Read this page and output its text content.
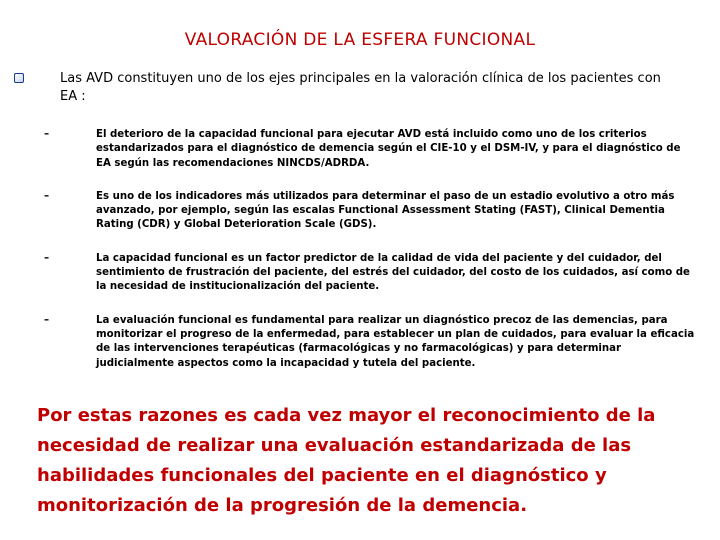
VALORACIÓN DE LA ESFERA FUNCIONAL
Las AVD constituyen uno de los ejes principales en la valoración clínica de los pacientes con EA :
–	El deterioro de la capacidad funcional para ejecutar AVD está incluido como uno de los criterios estandarizados para el diagnóstico de demencia según el CIE-10 y el DSM-IV, y para el diagnóstico de EA según las recomendaciones NINCDS/ADRDA.
–	Es uno de los indicadores más utilizados para determinar el paso de un estadio evolutivo a otro más avanzado, por ejemplo, según las escalas Functional Assessment Stating (FAST), Clinical Dementia Rating (CDR) y Global Deterioration Scale (GDS).
–	La capacidad funcional es un factor predictor de la calidad de vida del paciente y del cuidador, del sentimiento de frustración del paciente, del estrés del cuidador, del costo de los cuidados, así como de la necesidad de institucionalización del paciente.
–	La evaluación funcional es fundamental para realizar un diagnóstico precoz de las demencias, para monitorizar el progreso de la enfermedad, para establecer un plan de cuidados, para evaluar la eficacia de las intervenciones terapéuticas (farmacológicas y no farmacológicas) y para determinar judicialmente aspectos como la incapacidad y tutela del paciente.
Por estas razones es cada vez mayor el reconocimiento de la necesidad de realizar una evaluación estandarizada de las habilidades funcionales del paciente en el diagnóstico y monitorización de la progresión de la demencia.
